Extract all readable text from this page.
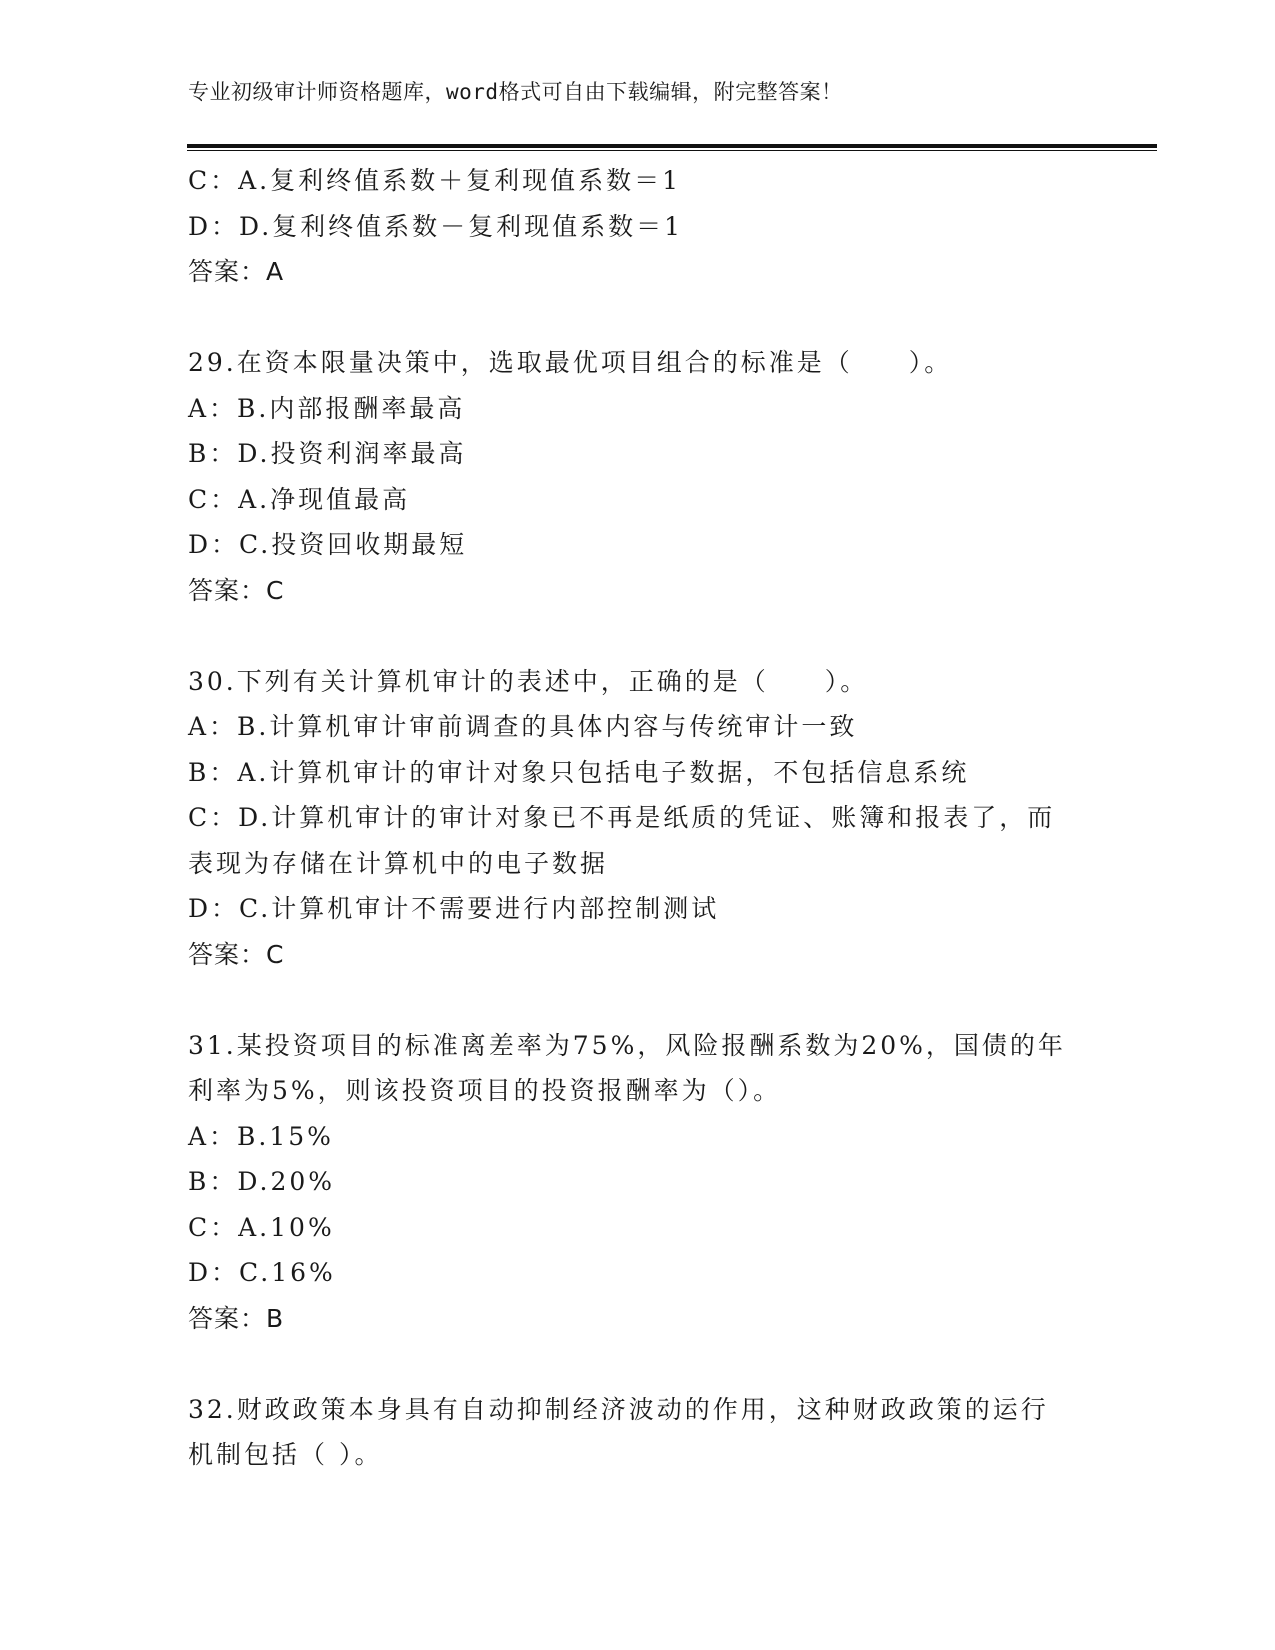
专业初级审计师资格题库，word格式可自由下载编辑，附完整答案！
C：A.复利终值系数＋复利现值系数＝1
D：D.复利终值系数－复利现值系数＝1
答案：A
29.在资本限量决策中，选取最优项目组合的标准是（　　）。
A：B.内部报酬率最高
B：D.投资利润率最高
C：A.净现值最高
D：C.投资回收期最短
答案：C
30.下列有关计算机审计的表述中，正确的是（　　）。
A：B.计算机审计审前调查的具体内容与传统审计一致
B：A.计算机审计的审计对象只包括电子数据，不包括信息系统
C：D.计算机审计的审计对象已不再是纸质的凭证、账簿和报表了，而
表现为存储在计算机中的电子数据
D：C.计算机审计不需要进行内部控制测试
答案：C
31.某投资项目的标准离差率为75%，风险报酬系数为20%，国债的年
利率为5%，则该投资项目的投资报酬率为（）。
A：B.15%
B：D.20%
C：A.10%
D：C.16%
答案：B
32.财政政策本身具有自动抑制经济波动的作用，这种财政政策的运行
机制包括（ ）。
